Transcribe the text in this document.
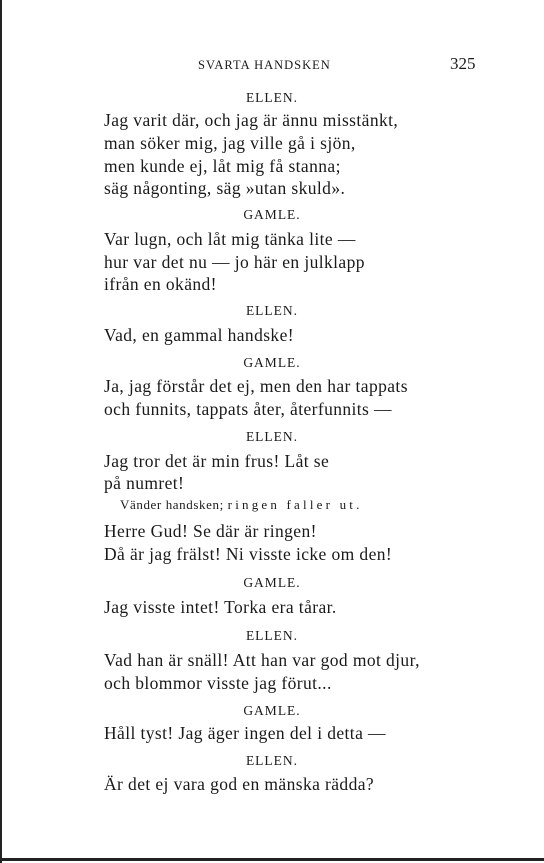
SVARTA HANDSKEN	325
ELLEN.
Jag varit där, och jag är ännu misstänkt,
man söker mig, jag ville gå i sjön,
men kunde ej, låt mig få stanna;
säg någonting, säg »utan skuld».
GAMLE.
Var lugn, och låt mig tänka lite —
hur var det nu — jo här en julklapp
ifrån en okänd!
ELLEN.
Vad, en gammal handske!
GAMLE.
Ja, jag förstår det ej, men den har tappats
och funnits, tappats åter, återfunnits —
ELLEN.
Jag tror det är min frus! Låt se
på numret!
Vänder handsken; ringen faller ut.
Herre Gud! Se där är ringen!
Då är jag frälst! Ni visste icke om den!
GAMLE.
Jag visste intet! Torka era tårar.
ELLEN.
Vad han är snäll! Att han var god mot djur,
och blommor visste jag förut...
GAMLE.
Håll tyst! Jag äger ingen del i detta —
ELLEN.
Är det ej vara god en mänska rädda?
